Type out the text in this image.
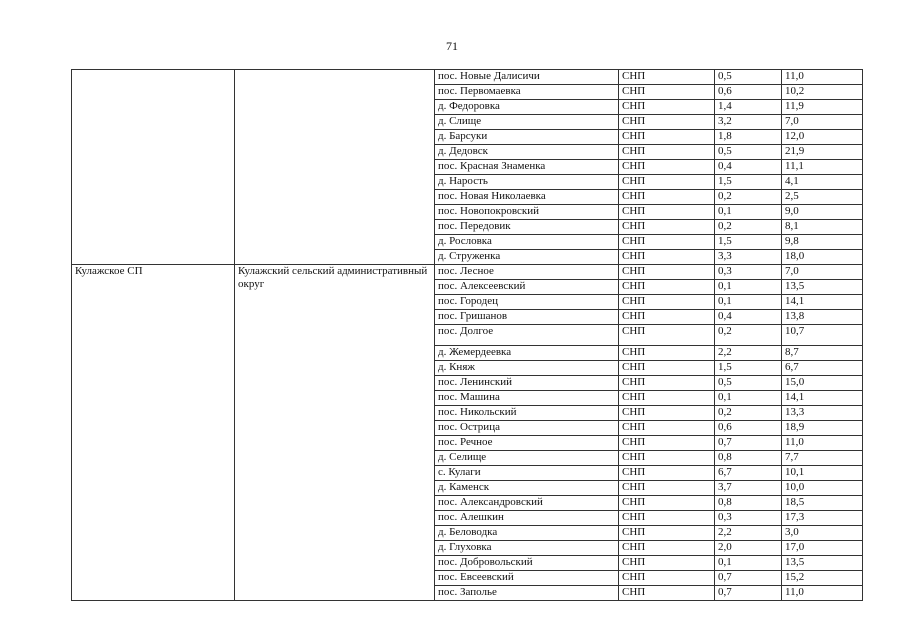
71
		пос. Новые Далисичи	СНП	0,5	11,0
		пос. Первомаевка	СНП	0,6	10,2
		д. Федоровка	СНП	1,4	11,9
		д. Слище	СНП	3,2	7,0
		д. Барсуки	СНП	1,8	12,0
		д. Дедовск	СНП	0,5	21,9
		пос. Красная Знаменка	СНП	0,4	11,1
		д. Нарость	СНП	1,5	4,1
		пос. Новая Николаевка	СНП	0,2	2,5
		пос. Новопокровский	СНП	0,1	9,0
		пос. Передовик	СНП	0,2	8,1
		д. Рословка	СНП	1,5	9,8
		д. Струженка	СНП	3,3	18,0
Кулажское СП	Кулажский сельский административный округ	пос. Лесное	СНП	0,3	7,0
		пос. Алексеевский	СНП	0,1	13,5
		пос. Городец	СНП	0,1	14,1
		пос. Гришанов	СНП	0,4	13,8
		пос. Долгое	СНП	0,2	10,7
		д. Жемердеевка	СНП	2,2	8,7
		д. Княж	СНП	1,5	6,7
		пос. Ленинский	СНП	0,5	15,0
		пос. Машина	СНП	0,1	14,1
		пос. Никольский	СНП	0,2	13,3
		пос. Острица	СНП	0,6	18,9
		пос. Речное	СНП	0,7	11,0
		д. Селище	СНП	0,8	7,7
		с. Кулаги	СНП	6,7	10,1
		д. Каменск	СНП	3,7	10,0
		пос. Александровский	СНП	0,8	18,5
		пос. Алешкин	СНП	0,3	17,3
		д. Беловодка	СНП	2,2	3,0
		д. Глуховка	СНП	2,0	17,0
		пос. Добровольский	СНП	0,1	13,5
		пос. Евсеевский	СНП	0,7	15,2
		пос. Заполье	СНП	0,7	11,0
